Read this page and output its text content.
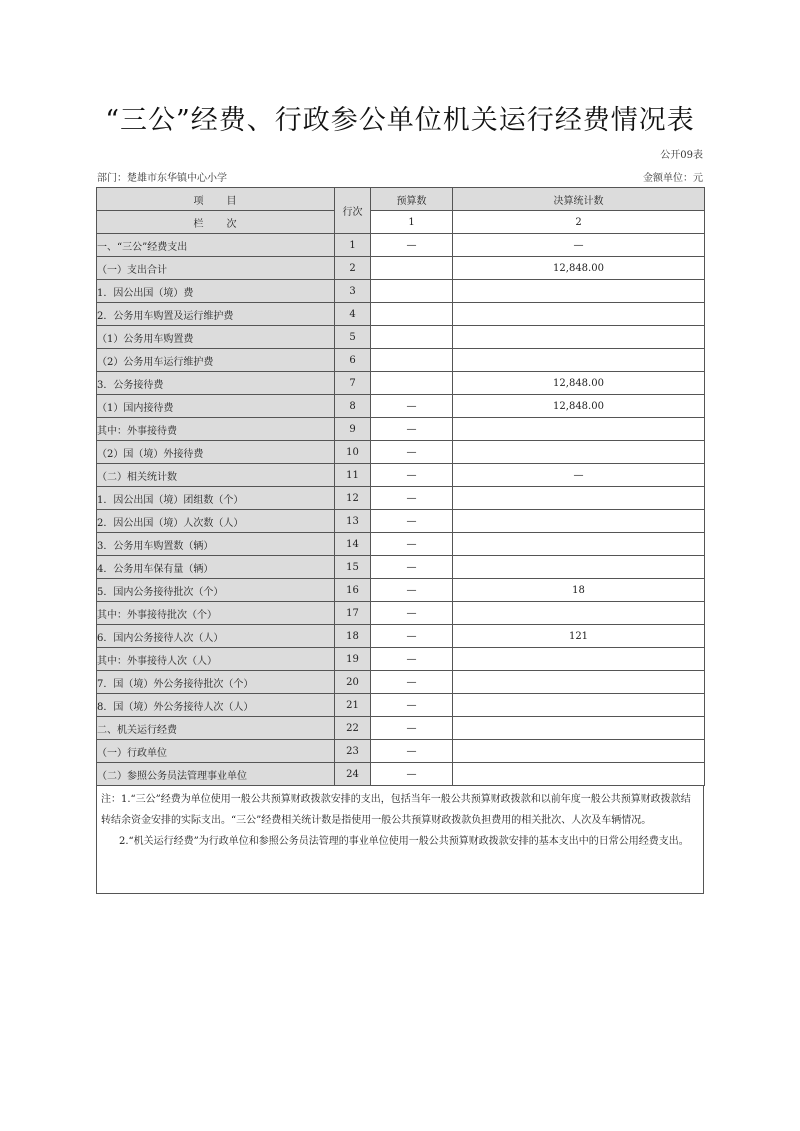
“三公”经费、行政参公单位机关运行经费情况表
公开09表
部门：楚雄市东华镇中心小学	金额单位：元
项　　目	行次	预算数	决算统计数
栏　　次		1	2
一、“三公”经费支出	1	—	—
（一）支出合计	2		12,848.00
1．因公出国（境）费	3		
2．公务用车购置及运行维护费	4		
（1）公务用车购置费	5		
（2）公务用车运行维护费	6		
3．公务接待费	7		12,848.00
（1）国内接待费	8	—	12,848.00
其中：外事接待费	9	—	
（2）国（境）外接待费	10	—	
（二）相关统计数	11	—	—
1．因公出国（境）团组数（个）	12	—	
2．因公出国（境）人次数（人）	13	—	
3．公务用车购置数（辆）	14	—	
4．公务用车保有量（辆）	15	—	
5．国内公务接待批次（个）	16	—	18
其中：外事接待批次（个）	17	—	
6．国内公务接待人次（人）	18	—	121
其中：外事接待人次（人）	19	—	
7．国（境）外公务接待批次（个）	20	—	
8．国（境）外公务接待人次（人）	21	—	
二、机关运行经费	22	—	
（一）行政单位	23	—	
（二）参照公务员法管理事业单位	24	—	

注：1.“三公”经费为单位使用一般公共预算财政拨款安排的支出，包括当年一般公共预算财政拨款和以前年度一般公共预算财政拨款结转结余资金安排的实际支出。“三公”经费相关统计数是指使用一般公共预算财政拨款负担费用的相关批次、人次及车辆情况。

2.“机关运行经费”为行政单位和参照公务员法管理的事业单位使用一般公共预算财政拨款安排的基本支出中的日常公用经费支出。
